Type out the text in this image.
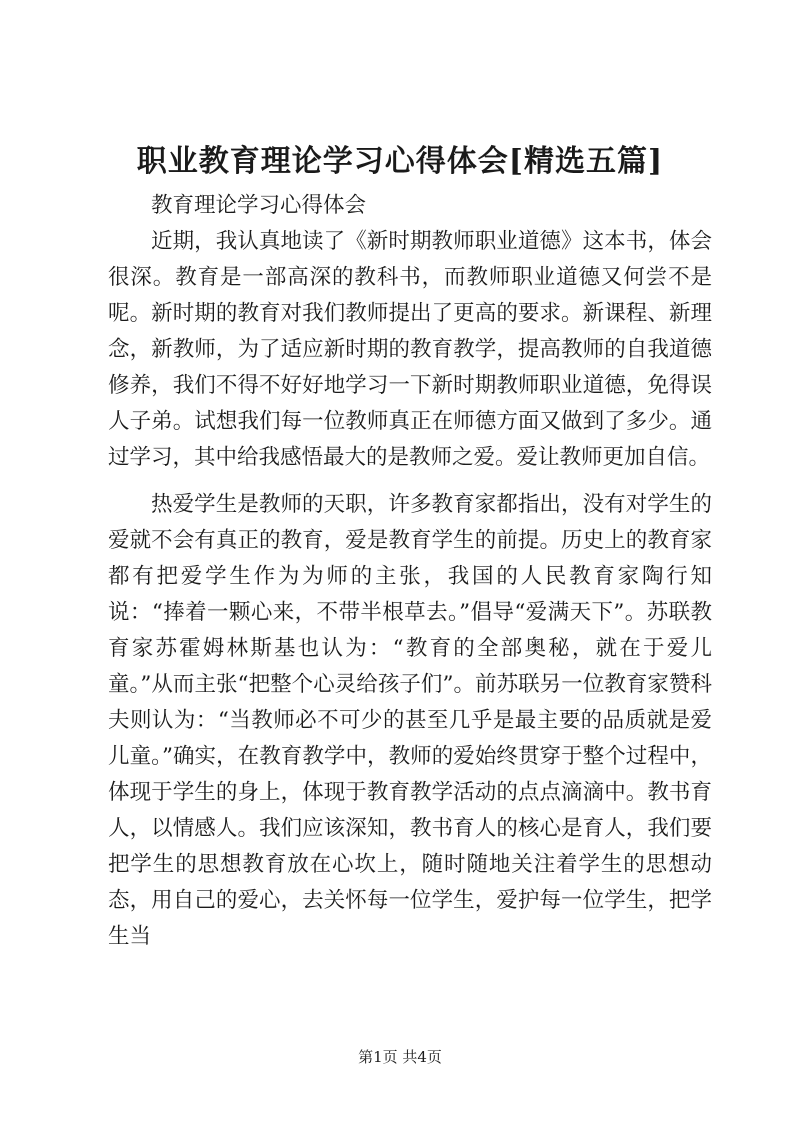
职业教育理论学习心得体会[精选五篇]

教育理论学习心得体会

近期，我认真地读了《新时期教师职业道德》这本书，体会很深。教育是一部高深的教科书，而教师职业道德又何尝不是呢。新时期的教育对我们教师提出了更高的要求。新课程、新理念，新教师，为了适应新时期的教育教学，提高教师的自我道德修养，我们不得不好好地学习一下新时期教师职业道德，免得误人子弟。试想我们每一位教师真正在师德方面又做到了多少。通过学习，其中给我感悟最大的是教师之爱。爱让教师更加自信。

热爱学生是教师的天职，许多教育家都指出，没有对学生的爱就不会有真正的教育，爱是教育学生的前提。历史上的教育家都有把爱学生作为为师的主张，我国的人民教育家陶行知说：“捧着一颗心来，不带半根草去。”倡导“爱满天下”。苏联教育家苏霍姆林斯基也认为：“教育的全部奥秘，就在于爱儿童。”从而主张“把整个心灵给孩子们”。前苏联另一位教育家赞科夫则认为：“当教师必不可少的甚至几乎是最主要的品质就是爱儿童。”确实，在教育教学中，教师的爱始终贯穿于整个过程中，体现于学生的身上，体现于教育教学活动的点点滴滴中。教书育人，以情感人。我们应该深知，教书育人的核心是育人，我们要把学生的思想教育放在心坎上，随时随地关注着学生的思想动态，用自己的爱心，去关怀每一位学生，爱护每一位学生，把学生当

第1页 共4页
